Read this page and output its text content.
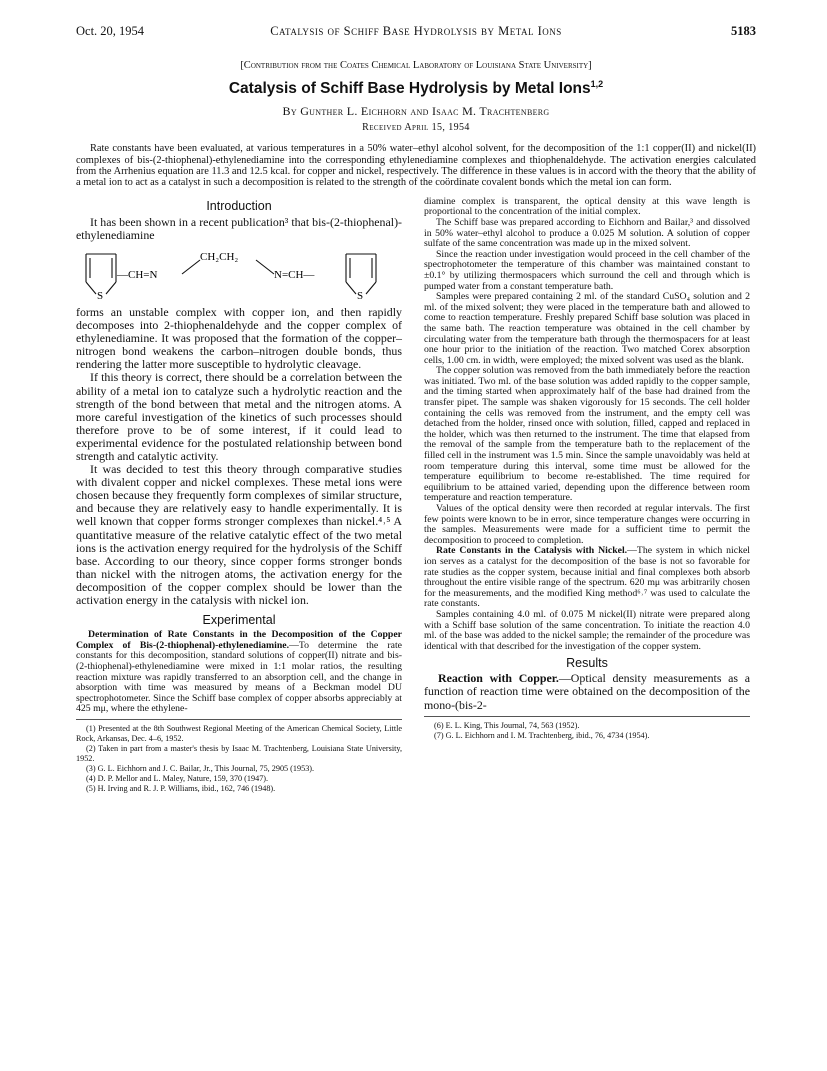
Oct. 20, 1954	Catalysis of Schiff Base Hydrolysis by Metal Ions	5183
[Contribution from the Coates Chemical Laboratory of Louisiana State University]
Catalysis of Schiff Base Hydrolysis by Metal Ions$^{1,2}$
By Gunther L. Eichhorn and Isaac M. Trachtenberg
Received April 15, 1954
Rate constants have been evaluated, at various temperatures in a 50% water–ethyl alcohol solvent, for the decomposition of the 1:1 copper(II) and nickel(II) complexes of bis-(2-thiophenal)-ethylenediamine into the corresponding ethylenediamine complexes and thiophenaldehyde. The activation energies calculated from the Arrhenius equation are 11.3 and 12.5 kcal. for copper and nickel, respectively. The difference in these values is in accord with the theory that the ability of a metal ion to act as a catalyst in such a decomposition is related to the strength of the coördinate covalent bonds which the metal ion can form.
Introduction

It has been shown in a recent publication³ that bis-(2-thiophenal)-ethylenediamine

S	S
—CH=N
CH₂CH₂
N=CH—

forms an unstable complex with copper ion, and then rapidly decomposes into 2-thiophenaldehyde and the copper complex of ethylenediamine. It was proposed that the formation of the copper–nitrogen bond weakens the carbon–nitrogen double bonds, thus rendering the latter more susceptible to hydrolytic cleavage.

If this theory is correct, there should be a correlation between the ability of a metal ion to catalyze such a hydrolytic reaction and the strength of the bond between that metal and the nitrogen atoms. A more careful investigation of the kinetics of such processes should therefore prove to be of some interest, if it could lead to experimental evidence for the postulated relationship between bond strength and catalytic activity.

It was decided to test this theory through comparative studies with divalent copper and nickel complexes. These metal ions were chosen because they frequently form complexes of similar structure, and because they are relatively easy to handle experimentally. It is well known that copper forms stronger complexes than nickel.⁴˒⁵ A quantitative measure of the relative catalytic effect of the two metal ions is the activation energy required for the hydrolysis of the Schiff base. According to our theory, since copper forms stronger bonds than nickel with the nitrogen atoms, the activation energy for the decomposition of the copper complex should be lower than the activation energy in the catalysis with nickel ion.

Experimental

Determination of Rate Constants in the Decomposition of the Copper Complex of Bis-(2-thiophenal)-ethylenediamine.—To determine the rate constants for this decomposition, standard solutions of copper(II) nitrate and bis-(2-thiophenal)-ethylenediamine were mixed in 1:1 molar ratios, the resulting reaction mixture was rapidly transferred to an absorption cell, and the change in absorption with time was measured by means of a Beckman model DU spectrophotometer. Since the Schiff base complex of copper absorbs appreciably at 425 mμ, where the ethylene-

(1) Presented at the 8th Southwest Regional Meeting of the American Chemical Society, Little Rock, Arkansas, Dec. 4–6, 1952.

(2) Taken in part from a master's thesis by Isaac M. Trachtenberg, Louisiana State University, 1952.

(3) G. L. Eichhorn and J. C. Bailar, Jr., This Journal, 75, 2905 (1953).

(4) D. P. Mellor and L. Maley, Nature, 159, 370 (1947).

(5) H. Irving and R. J. P. Williams, ibid., 162, 746 (1948).

diamine complex is transparent, the optical density at this wave length is proportional to the concentration of the initial complex.

The Schiff base was prepared according to Eichhorn and Bailar,³ and dissolved in 50% water–ethyl alcohol to produce a 0.025 M solution. A solution of copper sulfate of the same concentration was made up in the mixed solvent.

Since the reaction under investigation would proceed in the cell chamber of the spectrophotometer the temperature of this chamber was maintained constant to ±0.1° by utilizing thermospacers which surround the cell and through which is pumped water from a constant temperature bath.

Samples were prepared containing 2 ml. of the standard CuSO₄ solution and 2 ml. of the mixed solvent; they were placed in the temperature bath and allowed to come to reaction temperature. Freshly prepared Schiff base solution was placed in the same bath. The reaction temperature was obtained in the cell chamber by circulating water from the temperature bath through the thermospacers for at least one hour prior to the initiation of the reaction. Two matched Corex absorption cells, 1.00 cm. in width, were employed; the mixed solvent was used as the blank.

The copper solution was removed from the bath immediately before the reaction was initiated. Two ml. of the base solution was added rapidly to the copper sample, and the timing started when approximately half of the base had drained from the transfer pipet. The sample was shaken vigorously for 15 seconds. The cell holder containing the cells was removed from the instrument, and the empty cell was detached from the holder, rinsed once with solution, filled, capped and replaced in the holder, which was then returned to the instrument. The time that elapsed from the removal of the sample from the temperature bath to the replacement of the filled cell in the instrument was 1.5 min. Since the sample unavoidably was held at room temperature during this interval, some time must be allowed for the temperature equilibrium to become re-established. The time required for equilibrium to be attained varied, depending upon the difference between room temperature and reaction temperature.

Values of the optical density were then recorded at regular intervals. The first few points were known to be in error, since temperature changes were occurring in the samples. Measurements were made for a sufficient time to permit the decomposition to proceed to completion.

Rate Constants in the Catalysis with Nickel.—The system in which nickel ion serves as a catalyst for the decomposition of the base is not so favorable for rate studies as the copper system, because initial and final complexes both absorb throughout the entire visible range of the spectrum. 620 mμ was arbitrarily chosen for the measurements, and the modified King method⁶˒⁷ was used to calculate the rate constants.

Samples containing 4.0 ml. of 0.075 M nickel(II) nitrate were prepared along with a Schiff base solution of the same concentration. To initiate the reaction 4.0 ml. of the base was added to the nickel sample; the remainder of the procedure was identical with that described for the investigation of the copper system.

Results

Reaction with Copper.—Optical density measurements as a function of reaction time were obtained on the decomposition of the mono-(bis-2-

(6) E. L. King, This Journal, 74, 563 (1952).

(7) G. L. Eichhorn and I. M. Trachtenberg, ibid., 76, 4734 (1954).
